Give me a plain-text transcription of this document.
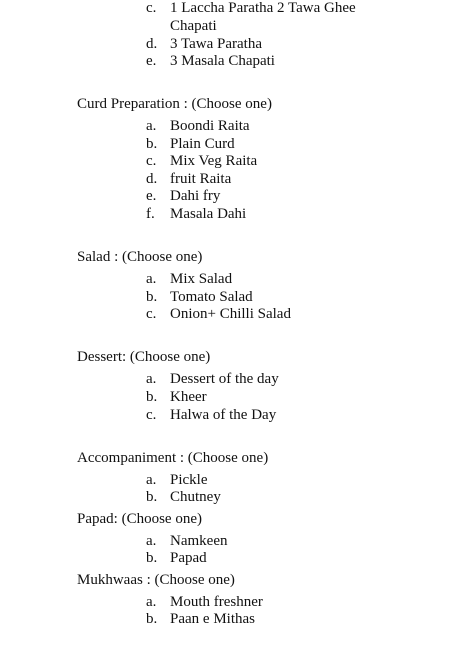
c. 1 Laccha Paratha 2 Tawa Ghee
Chapati
d. 3 Tawa Paratha
e. 3 Masala Chapati
Curd Preparation : (Choose one)
a. Boondi Raita
b. Plain Curd
c. Mix Veg Raita
d. fruit Raita
e. Dahi fry
f. Masala Dahi
Salad : (Choose one)
a. Mix Salad
b. Tomato Salad
c. Onion+ Chilli Salad
Dessert: (Choose one)
a. Dessert of the day
b. Kheer
c. Halwa of the Day
Accompaniment : (Choose one)
a. Pickle
b. Chutney
Papad: (Choose one)
a. Namkeen
b. Papad
Mukhwaas : (Choose one)
a. Mouth freshner
b. Paan e Mithas
